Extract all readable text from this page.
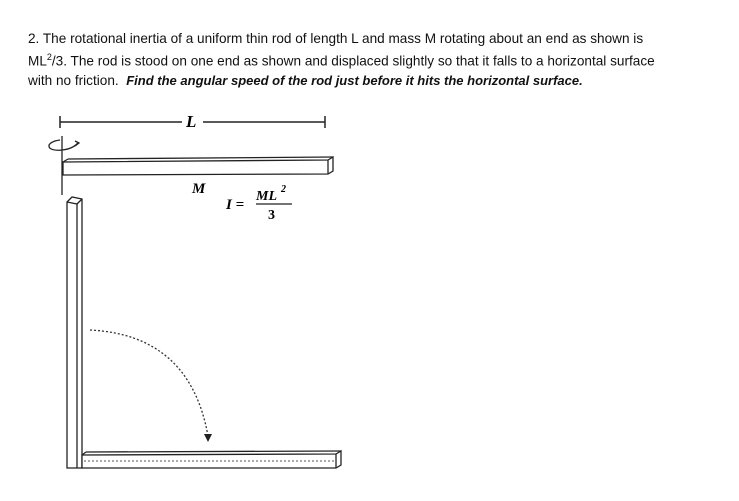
2. The rotational inertia of a uniform thin rod of length L and mass M rotating about an end as shown is

$ML^2/3$. The rod is stood on one end as shown and displaced slightly so that it falls to a horizontal surface

with no friction. Find the angular speed of the rod just before it hits the horizontal surface.

L
M
I =
ML 2
3
